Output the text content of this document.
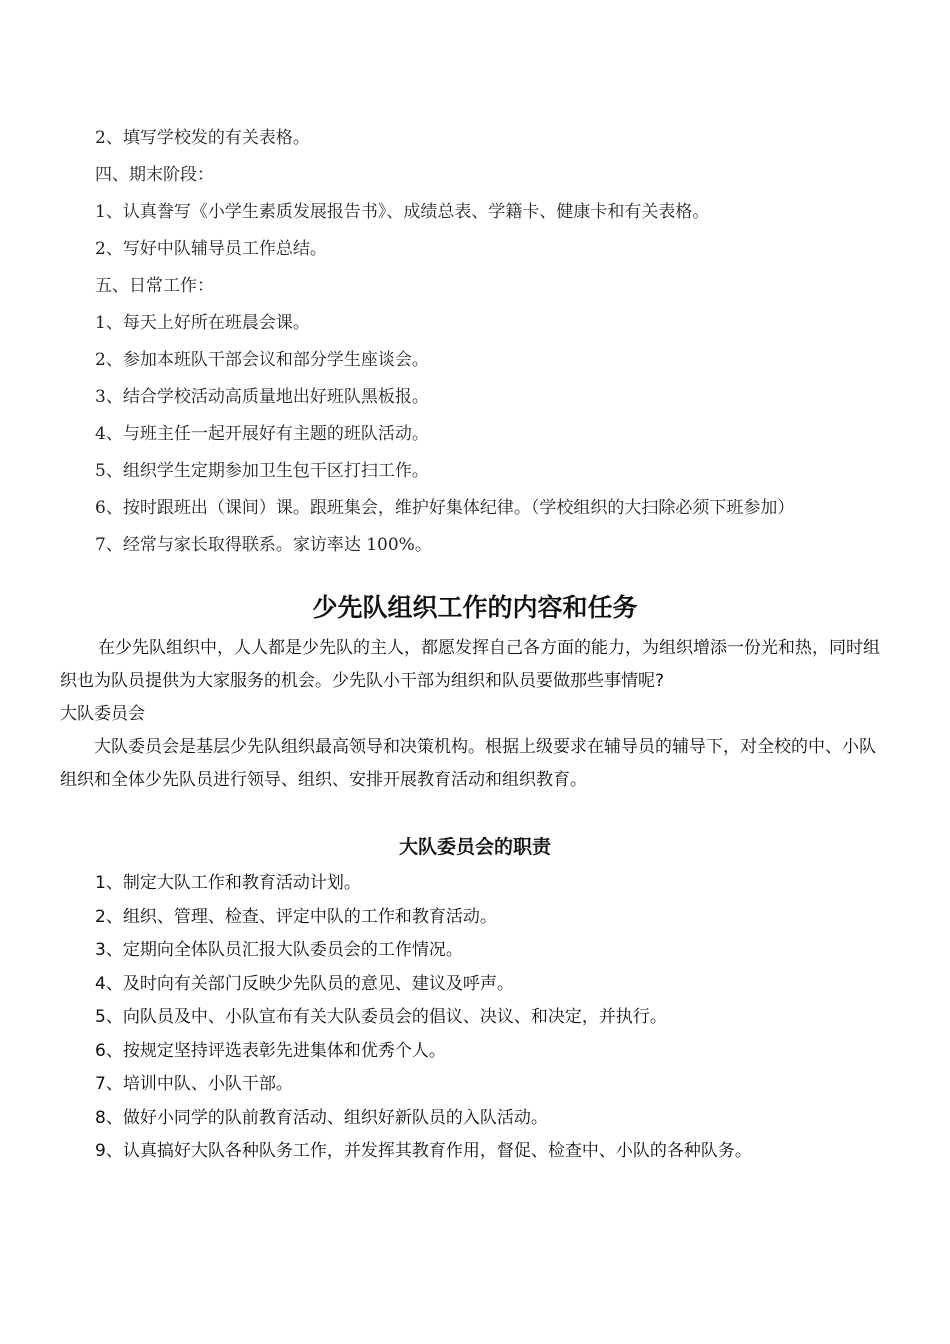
2、填写学校发的有关表格。

四、期末阶段：

1、认真誊写《小学生素质发展报告书》、成绩总表、学籍卡、健康卡和有关表格。

2、写好中队辅导员工作总结。

五、日常工作：

1、每天上好所在班晨会课。

2、参加本班队干部会议和部分学生座谈会。

3、结合学校活动高质量地出好班队黑板报。

4、与班主任一起开展好有主题的班队活动。

5、组织学生定期参加卫生包干区打扫工作。

6、按时跟班出（课间）课。跟班集会，维护好集体纪律。（学校组织的大扫除必须下班参加）

7、经常与家长取得联系。家访率达 100%。

少先队组织工作的内容和任务

在少先队组织中，人人都是少先队的主人，都愿发挥自己各方面的能力，为组织增添一份光和热，同时组织也为队员提供为大家服务的机会。少先队小干部为组织和队员要做那些事情呢?

大队委员会

大队委员会是基层少先队组织最高领导和决策机构。根据上级要求在辅导员的辅导下，对全校的中、小队组织和全体少先队员进行领导、组织、安排开展教育活动和组织教育。

大队委员会的职责

1、制定大队工作和教育活动计划。

2、组织、管理、检查、评定中队的工作和教育活动。

3、定期向全体队员汇报大队委员会的工作情况。

4、及时向有关部门反映少先队员的意见、建议及呼声。

5、向队员及中、小队宣布有关大队委员会的倡议、决议、和决定，并执行。

6、按规定坚持评选表彰先进集体和优秀个人。

7、培训中队、小队干部。

8、做好小同学的队前教育活动、组织好新队员的入队活动。

9、认真搞好大队各种队务工作，并发挥其教育作用，督促、检查中、小队的各种队务。
